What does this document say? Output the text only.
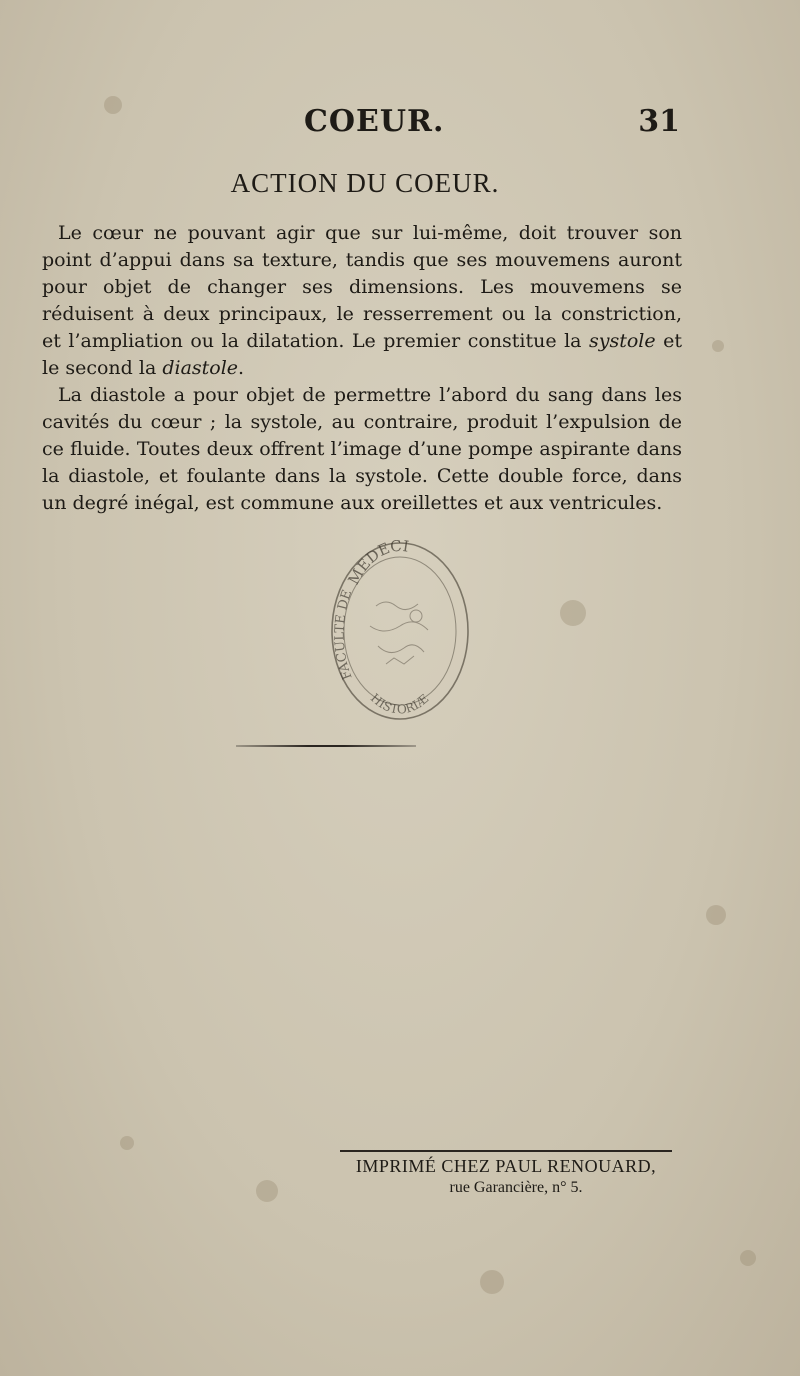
COEUR.	31
ACTION DU COEUR.

Le cœur ne pouvant agir que sur lui-même, doit trouver son point d’appui dans sa texture, tandis que ses mouvemens auront pour objet de changer ses dimensions. Les mouvemens se réduisent à deux principaux, le resserrement ou la constriction, et l’ampliation ou la dilatation. Le premier constitue la systole et le second la diastole.

La diastole a pour objet de permettre l’abord du sang dans les cavités du cœur ; la systole, au contraire, produit l’expulsion de ce fluide. Toutes deux offrent l’image d’une pompe aspirante dans la diastole, et foulante dans la systole. Cette double force, dans un degré inégal, est commune aux oreillettes et aux ventricules.

MEDECI
FACULTE DE
HISTORIÆ
IMPRIMÉ CHEZ PAUL RENOUARD,
rue Garancière, n° 5.
